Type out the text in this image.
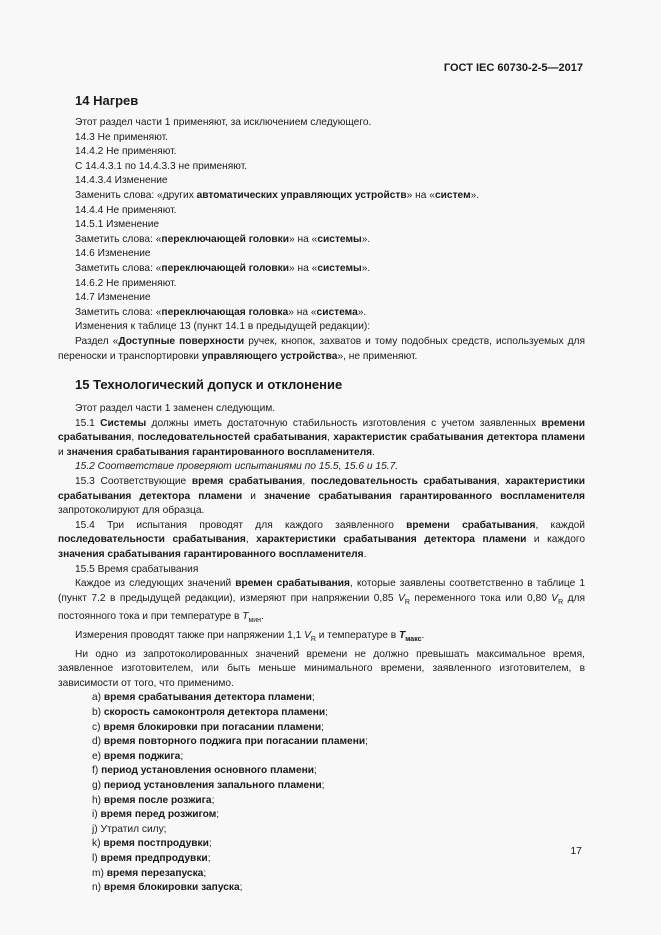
ГОСТ IEC 60730-2-5—2017
14 Нагрев

Этот раздел части 1 применяют, за исключением следующего.

14.3 Не применяют.

14.4.2 Не применяют.

C 14.4.3.1 по 14.4.3.3 не применяют.

14.4.3.4 Изменение

Заменить слова: «других автоматических управляющих устройств» на «систем».

14.4.4 Не применяют.

14.5.1 Изменение

Заметить слова: «переключающей головки» на «системы».

14.6 Изменение

Заметить слова: «переключающей головки» на «системы».

14.6.2 Не применяют.

14.7 Изменение

Заметить слова: «переключающая головка» на «система».

Изменения к таблице 13 (пункт 14.1 в предыдущей редакции):

Раздел «Доступные поверхности ручек, кнопок, захватов и тому подобных средств, используемых для переноски и транспортировки управляющего устройства», не применяют.

15 Технологический допуск и отклонение

Этот раздел части 1 заменен следующим.

15.1 Системы должны иметь достаточную стабильность изготовления с учетом заявленных времени срабатывания, последовательностей срабатывания, характеристик срабатывания детектора пламени и значения срабатывания гарантированного воспламенителя.

15.2 Соответствие проверяют испытаниями по 15.5, 15.6 и 15.7.

15.3 Соответствующие время срабатывания, последовательность срабатывания, характеристики срабатывания детектора пламени и значение срабатывания гарантированного воспламенителя запротоколируют для образца.

15.4 Три испытания проводят для каждого заявленного времени срабатывания, каждой последовательности срабатывания, характеристики срабатывания детектора пламени и каждого значения срабатывания гарантированного воспламенителя.

15.5 Время срабатывания

Каждое из следующих значений времен срабатывания, которые заявлены соответственно в таблице 1 (пункт 7.2 в предыдущей редакции), измеряют при напряжении 0,85 $V_R$ переменного тока или 0,80 $V_R$ для постоянного тока и при температуре в $T_{мин}$.

Измерения проводят также при напряжении 1,1 $V_R$ и температуре в $T_{макс}$.

Ни одно из запротоколированных значений времени не должно превышать максимальное время, заявленное изготовителем, или быть меньше минимального времени, заявленного изготовителем, в зависимости от того, что применимо.

a) время срабатывания детектора пламени;

b) скорость самоконтроля детектора пламени;

c) время блокировки при погасании пламени;

d) время повторного поджига при погасании пламени;

e) время поджига;

f) период установления основного пламени;

g) период установления запального пламени;

h) время после розжига;

i) время перед розжигом;

j) Утратил силу;

k) время постпродувки;

l) время предпродувки;

m) время перезапуска;

n) время блокировки запуска;

17
